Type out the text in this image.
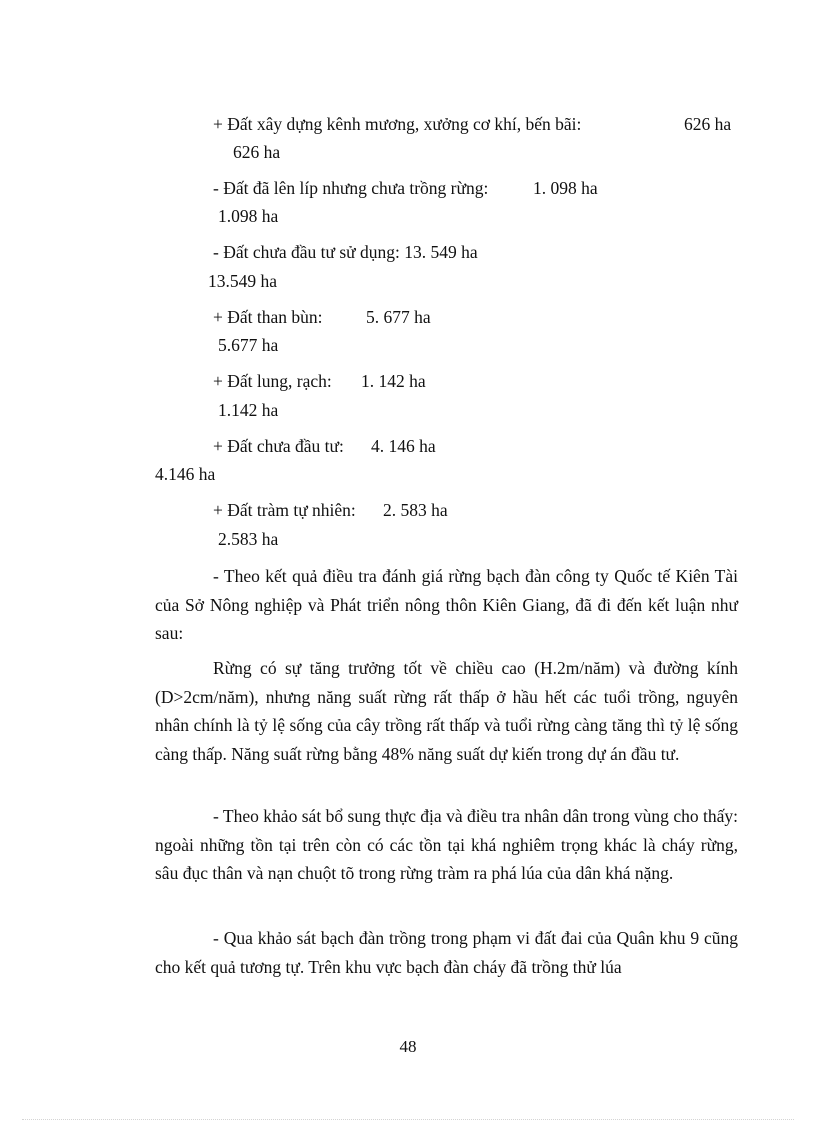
+ Đất xây dựng kênh mương, xưởng cơ khí, bến bãi:	626 ha
626 ha
- Đất đã lên líp nhưng chưa trồng rừng:	1. 098 ha
1.098 ha
- Đất chưa đầu tư sử dụng: 13. 549 ha
13.549 ha
+ Đất than bùn: 5. 677 ha
5.677 ha
+ Đất lung, rạch: 1. 142 ha
1.142 ha
+ Đất chưa đầu tư: 4. 146 ha
4.146 ha
+ Đất tràm tự nhiên: 2. 583 ha
2.583 ha
- Theo kết quả điều tra đánh giá rừng bạch đàn công ty Quốc tế Kiên Tài của Sở Nông nghiệp và Phát triển nông thôn Kiên Giang, đã đi đến kết luận như sau:
Rừng có sự tăng trưởng tốt về chiều cao (H.2m/năm) và đường kính (D>2cm/năm), nhưng năng suất rừng rất thấp ở hầu hết các tuổi trồng, nguyên nhân chính là tỷ lệ sống của cây trồng rất thấp và tuổi rừng càng tăng thì tỷ lệ sống càng thấp. Năng suất rừng bằng 48% năng suất dự kiến trong dự án đầu tư.
- Theo khảo sát bổ sung thực địa và điều tra nhân dân trong vùng cho thấy: ngoài những tồn tại trên còn có các tồn tại khá nghiêm trọng khác là cháy rừng, sâu đục thân và nạn chuột tõ trong rừng tràm ra phá lúa của dân khá nặng.
- Qua khảo sát bạch đàn trồng trong phạm vi đất đai của Quân khu 9 cũng cho kết quả tương tự. Trên khu vực bạch đàn cháy đã trồng thử lúa
48
